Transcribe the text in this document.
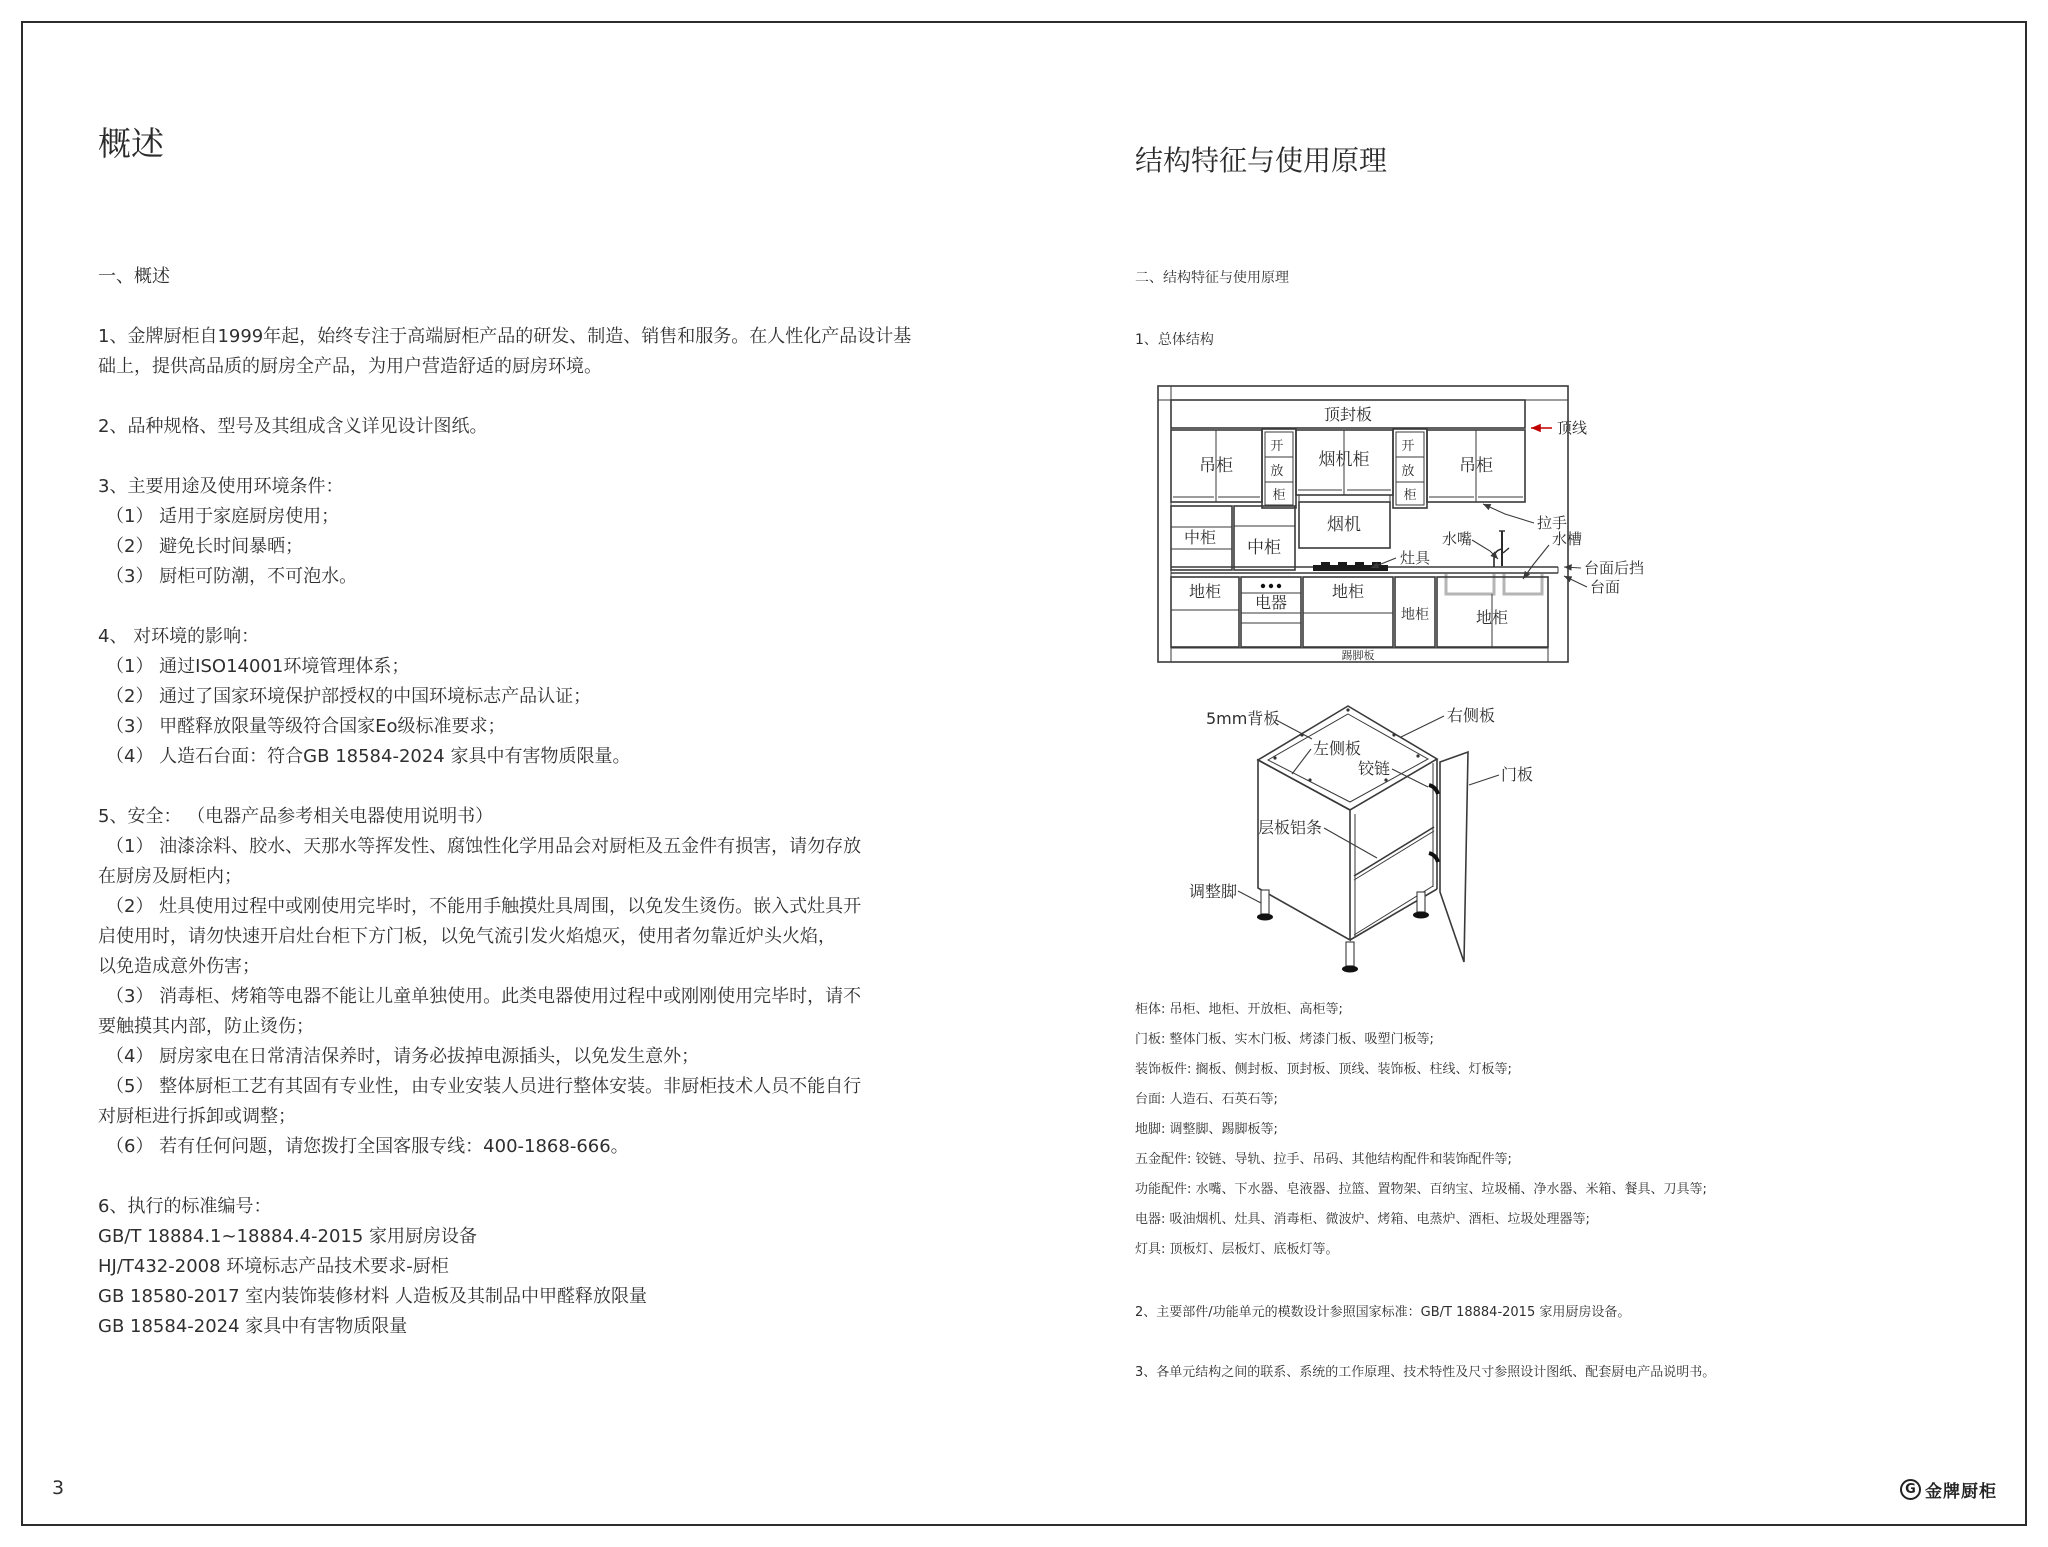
概述
一、概述
1、金牌厨柜自1999年起，始终专注于高端厨柜产品的研发、制造、销售和服务。在人性化产品设计基
础上，提供高品质的厨房全产品，为用户营造舒适的厨房环境。
2、品种规格、型号及其组成含义详见设计图纸。
3、主要用途及使用环境条件：
（1） 适用于家庭厨房使用；
（2） 避免长时间暴晒；
（3） 厨柜可防潮，不可泡水。
4、 对环境的影响：
（1） 通过ISO14001环境管理体系；
（2） 通过了国家环境保护部授权的中国环境标志产品认证；
（3） 甲醛释放限量等级符合国家Eo级标准要求；
（4） 人造石台面：符合GB 18584-2024 家具中有害物质限量。
5、安全： （电器产品参考相关电器使用说明书）
（1） 油漆涂料、胶水、天那水等挥发性、腐蚀性化学用品会对厨柜及五金件有损害，请勿存放
在厨房及厨柜内；
（2） 灶具使用过程中或刚使用完毕时，不能用手触摸灶具周围，以免发生烫伤。嵌入式灶具开
启使用时，请勿快速开启灶台柜下方门板，以免气流引发火焰熄灭，使用者勿靠近炉头火焰，
以免造成意外伤害；
（3） 消毒柜、烤箱等电器不能让儿童单独使用。此类电器使用过程中或刚刚使用完毕时，请不
要触摸其内部，防止烫伤；
（4） 厨房家电在日常清洁保养时，请务必拔掉电源插头，以免发生意外；
（5） 整体厨柜工艺有其固有专业性，由专业安装人员进行整体安装。非厨柜技术人员不能自行
对厨柜进行拆卸或调整；
（6） 若有任何问题，请您拨打全国客服专线：400-1868-666。
6、执行的标准编号：
GB/T 18884.1~18884.4-2015 家用厨房设备
HJ/T432-2008 环境标志产品技术要求-厨柜
GB 18580-2017 室内装饰装修材料 人造板及其制品中甲醛释放限量
GB 18584-2024 家具中有害物质限量
结构特征与使用原理
二、结构特征与使用原理
1、总体结构
顶封板
顶线
吊柜
开 放 柜
烟机柜
烟机
开 放 柜
吊柜
拉手
中柜
中柜	灶具
水嘴	水槽
台面后挡
台面
地柜
电器
地柜
地柜	地柜
踢脚板
5mm背板	右侧板
左侧板
铰链	门板
层板铝条
调整脚
柜体: 吊柜、地柜、开放柜、高柜等;
门板: 整体门板、实木门板、烤漆门板、吸塑门板等;
装饰板件: 搁板、侧封板、顶封板、顶线、装饰板、柱线、灯板等;
台面: 人造石、石英石等;
地脚: 调整脚、踢脚板等;
五金配件: 铰链、导轨、拉手、吊码、其他结构配件和装饰配件等;
功能配件: 水嘴、下水器、皂液器、拉篮、置物架、百纳宝、垃圾桶、净水器、米箱、餐具、刀具等;
电器: 吸油烟机、灶具、消毒柜、微波炉、烤箱、电蒸炉、酒柜、垃圾处理器等;
灯具: 顶板灯、层板灯、底板灯等。
2、主要部件/功能单元的模数设计参照国家标准：GB/T 18884-2015 家用厨房设备。
3、各单元结构之间的联系、系统的工作原理、技术特性及尺寸参照设计图纸、配套厨电产品说明书。
3	G 金牌厨柜
